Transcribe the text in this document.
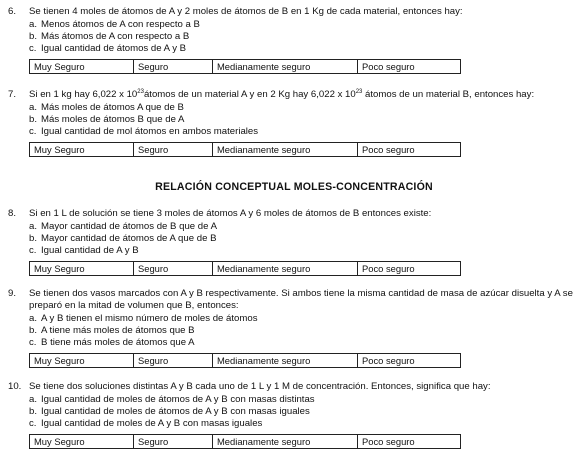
6.	Se tienen 4 moles de átomos de A y 2 moles de átomos de B en 1 Kg de cada material, entonces hay:
a. Menos átomos de A con respecto a B
b. Más átomos de A con respecto a B
c. Igual cantidad de átomos de A y B
Muy Seguro	Seguro	Medianamente seguro	Poco seguro
7.	Si en 1 kg hay 6,022 x $10^{23}átomos$ de un material A y en 2 Kg hay 6,022 x $10^{23}$ átomos de un material B, entonces hay:
a. Más moles de átomos A que de B
b. Más moles de átomos B que de A
c. Igual cantidad de mol átomos en ambos materiales
Muy Seguro	Seguro	Medianamente seguro	Poco seguro
RELACIÓN CONCEPTUAL MOLES-CONCENTRACIÓN
8.	Si en 1 L de solución se tiene 3 moles de átomos A y 6 moles de átomos de B entonces existe:
a. Mayor cantidad de átomos de B que de A
b. Mayor cantidad de átomos de A que de B
c. Igual cantidad de A y B
Muy Seguro	Seguro	Medianamente seguro	Poco seguro
9.	Se tienen dos vasos marcados con A y B respectivamente. Si ambos tiene la misma cantidad de masa de azúcar disuelta y A se preparó en la mitad de volumen que B, entonces:
a. A y B tienen el mismo número de moles de átomos
b. A tiene más moles de átomos que B
c. B tiene más moles de átomos que A
Muy Seguro	Seguro	Medianamente seguro	Poco seguro
10. Se tiene dos soluciones distintas A y B cada uno de 1 L y 1 M de concentración. Entonces, significa que hay:
a. Igual cantidad de moles de átomos de A y B con masas distintas
b. Igual cantidad de moles de átomos de A y B con masas iguales
c. Igual cantidad de moles de A y B con masas iguales
Muy Seguro	Seguro	Medianamente seguro	Poco seguro
